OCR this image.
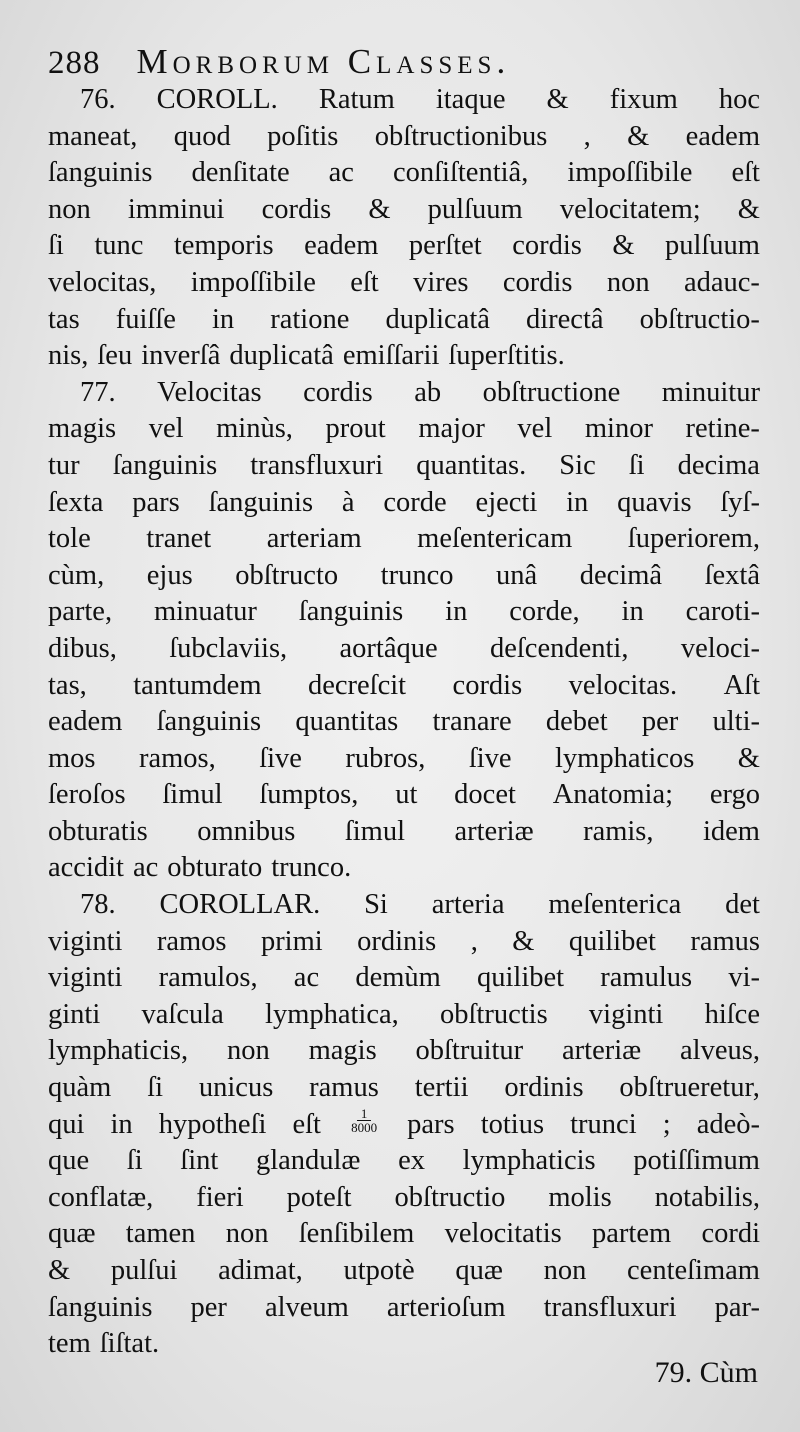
288 Morborum Classes.
76. COROLL. Ratum itaque & fixum hoc
maneat, quod poſitis obſtructionibus , & eadem
ſanguinis denſitate ac conſiſtentiâ, impoſſibile eſt
non imminui cordis & pulſuum velocitatem; &
ſi tunc temporis eadem perſtet cordis & pulſuum
velocitas, impoſſibile eſt vires cordis non adauc-
tas fuiſſe in ratione duplicatâ directâ obſtructio-
nis, ſeu inverſâ duplicatâ emiſſarii ſuperſtitis.
77. Velocitas cordis ab obſtructione minuitur
magis vel minùs, prout major vel minor retine-
tur ſanguinis transfluxuri quantitas. Sic ſi decima
ſexta pars ſanguinis à corde ejecti in quavis ſyſ-
tole tranet arteriam meſentericam ſuperiorem,
cùm, ejus obſtructo trunco unâ decimâ ſextâ
parte, minuatur ſanguinis in corde, in caroti-
dibus, ſubclaviis, aortâque deſcendenti, veloci-
tas, tantumdem decreſcit cordis velocitas. Aſt
eadem ſanguinis quantitas tranare debet per ulti-
mos ramos, ſive rubros, ſive lymphaticos &
ſeroſos ſimul ſumptos, ut docet Anatomia; ergo
obturatis omnibus ſimul arteriæ ramis, idem
accidit ac obturato trunco.
78. COROLLAR. Si arteria meſenterica det
viginti ramos primi ordinis , & quilibet ramus
viginti ramulos, ac demùm quilibet ramulus vi-
ginti vaſcula lymphatica, obſtructis viginti hiſce
lymphaticis, non magis obſtruitur arteriæ alveus,
quàm ſi unicus ramus tertii ordinis obſtrueretur,
qui in hypotheſi eſt $\frac{1}{8000}$ pars totius trunci ; adeò-
que ſi ſint glandulæ ex lymphaticis potiſſimum
conflatæ, fieri poteſt obſtructio molis notabilis,
quæ tamen non ſenſibilem velocitatis partem cordi
& pulſui adimat, utpotè quæ non centeſimam
ſanguinis per alveum arterioſum transfluxuri par-
tem ſiſtat.
79. Cùm
